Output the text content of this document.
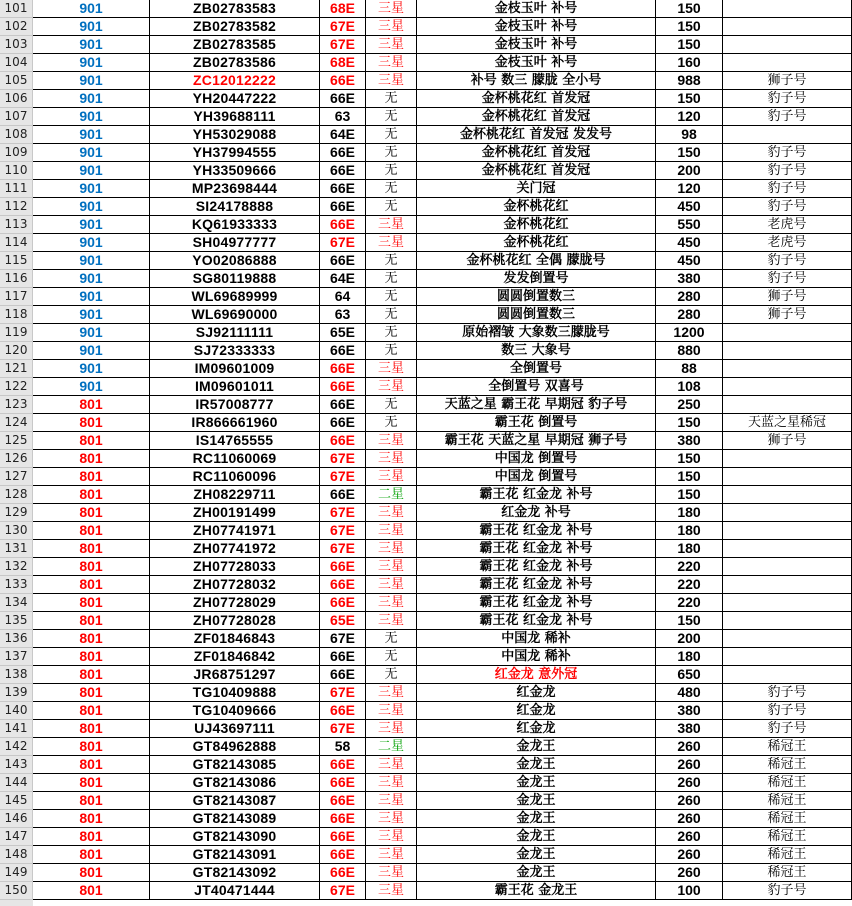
101	901	ZB02783583	68E	三星	金枝玉叶 补号	150
102	901	ZB02783582	67E	三星	金枝玉叶 补号	150
103	901	ZB02783585	67E	三星	金枝玉叶 补号	150
104	901	ZB02783586	68E	三星	金枝玉叶 补号	160
105	901	ZC12012222	66E	三星	补号 数三 朦胧 全小号	988	狮子号
106	901	YH20447222	66E	无	金杯桃花红 首发冠	150	豹子号
107	901	YH39688111	63	无	金杯桃花红 首发冠	120	豹子号
108	901	YH53029088	64E	无	金杯桃花红 首发冠 发发号	98
109	901	YH37994555	66E	无	金杯桃花红 首发冠	150	豹子号
110	901	YH33509666	66E	无	金杯桃花红 首发冠	200	豹子号
111	901	MP23698444	66E	无	关门冠	120	豹子号
112	901	SI24178888	66E	无	金杯桃花红	450	豹子号
113	901	KQ61933333	66E	三星	金杯桃花红	550	老虎号
114	901	SH04977777	67E	三星	金杯桃花红	450	老虎号
115	901	YO02086888	66E	无	金杯桃花红 全偶 朦胧号	450	豹子号
116	901	SG80119888	64E	无	发发倒置号	380	豹子号
117	901	WL69689999	64	无	圆圆倒置数三	280	狮子号
118	901	WL69690000	63	无	圆圆倒置数三	280	狮子号
119	901	SJ92111111	65E	无	原始褶皱 大象数三朦胧号	1200
120	901	SJ72333333	66E	无	数三 大象号	880
121	901	IM09601009	66E	三星	全倒置号	88
122	901	IM09601011	66E	三星	全倒置号 双喜号	108
123	801	IR57008777	66E	无	天蓝之星 霸王花 早期冠 豹子号	250
124	801	IR866661960	66E	无	霸王花 倒置号	150	天蓝之星稀冠
125	801	IS14765555	66E	三星	霸王花 天蓝之星 早期冠 狮子号	380	狮子号
126	801	RC11060069	67E	三星	中国龙 倒置号	150
127	801	RC11060096	67E	三星	中国龙 倒置号	150
128	801	ZH08229711	66E	二星	霸王花 红金龙 补号	150
129	801	ZH00191499	67E	三星	红金龙 补号	180
130	801	ZH07741971	67E	三星	霸王花 红金龙 补号	180
131	801	ZH07741972	67E	三星	霸王花 红金龙 补号	180
132	801	ZH07728033	66E	三星	霸王花 红金龙 补号	220
133	801	ZH07728032	66E	三星	霸王花 红金龙 补号	220
134	801	ZH07728029	66E	三星	霸王花 红金龙 补号	220
135	801	ZH07728028	65E	三星	霸王花 红金龙 补号	150
136	801	ZF01846843	67E	无	中国龙 稀补	200
137	801	ZF01846842	66E	无	中国龙 稀补	180
138	801	JR68751297	66E	无	红金龙 意外冠	650
139	801	TG10409888	67E	三星	红金龙	480	豹子号
140	801	TG10409666	66E	三星	红金龙	380	豹子号
141	801	UJ43697111	67E	三星	红金龙	380	豹子号
142	801	GT84962888	58	二星	金龙王	260	稀冠王
143	801	GT82143085	66E	三星	金龙王	260	稀冠王
144	801	GT82143086	66E	三星	金龙王	260	稀冠王
145	801	GT82143087	66E	三星	金龙王	260	稀冠王
146	801	GT82143089	66E	三星	金龙王	260	稀冠王
147	801	GT82143090	66E	三星	金龙王	260	稀冠王
148	801	GT82143091	66E	三星	金龙王	260	稀冠王
149	801	GT82143092	66E	三星	金龙王	260	稀冠王
150	801	JT40471444	67E	三星	霸王花 金龙王	100	豹子号
